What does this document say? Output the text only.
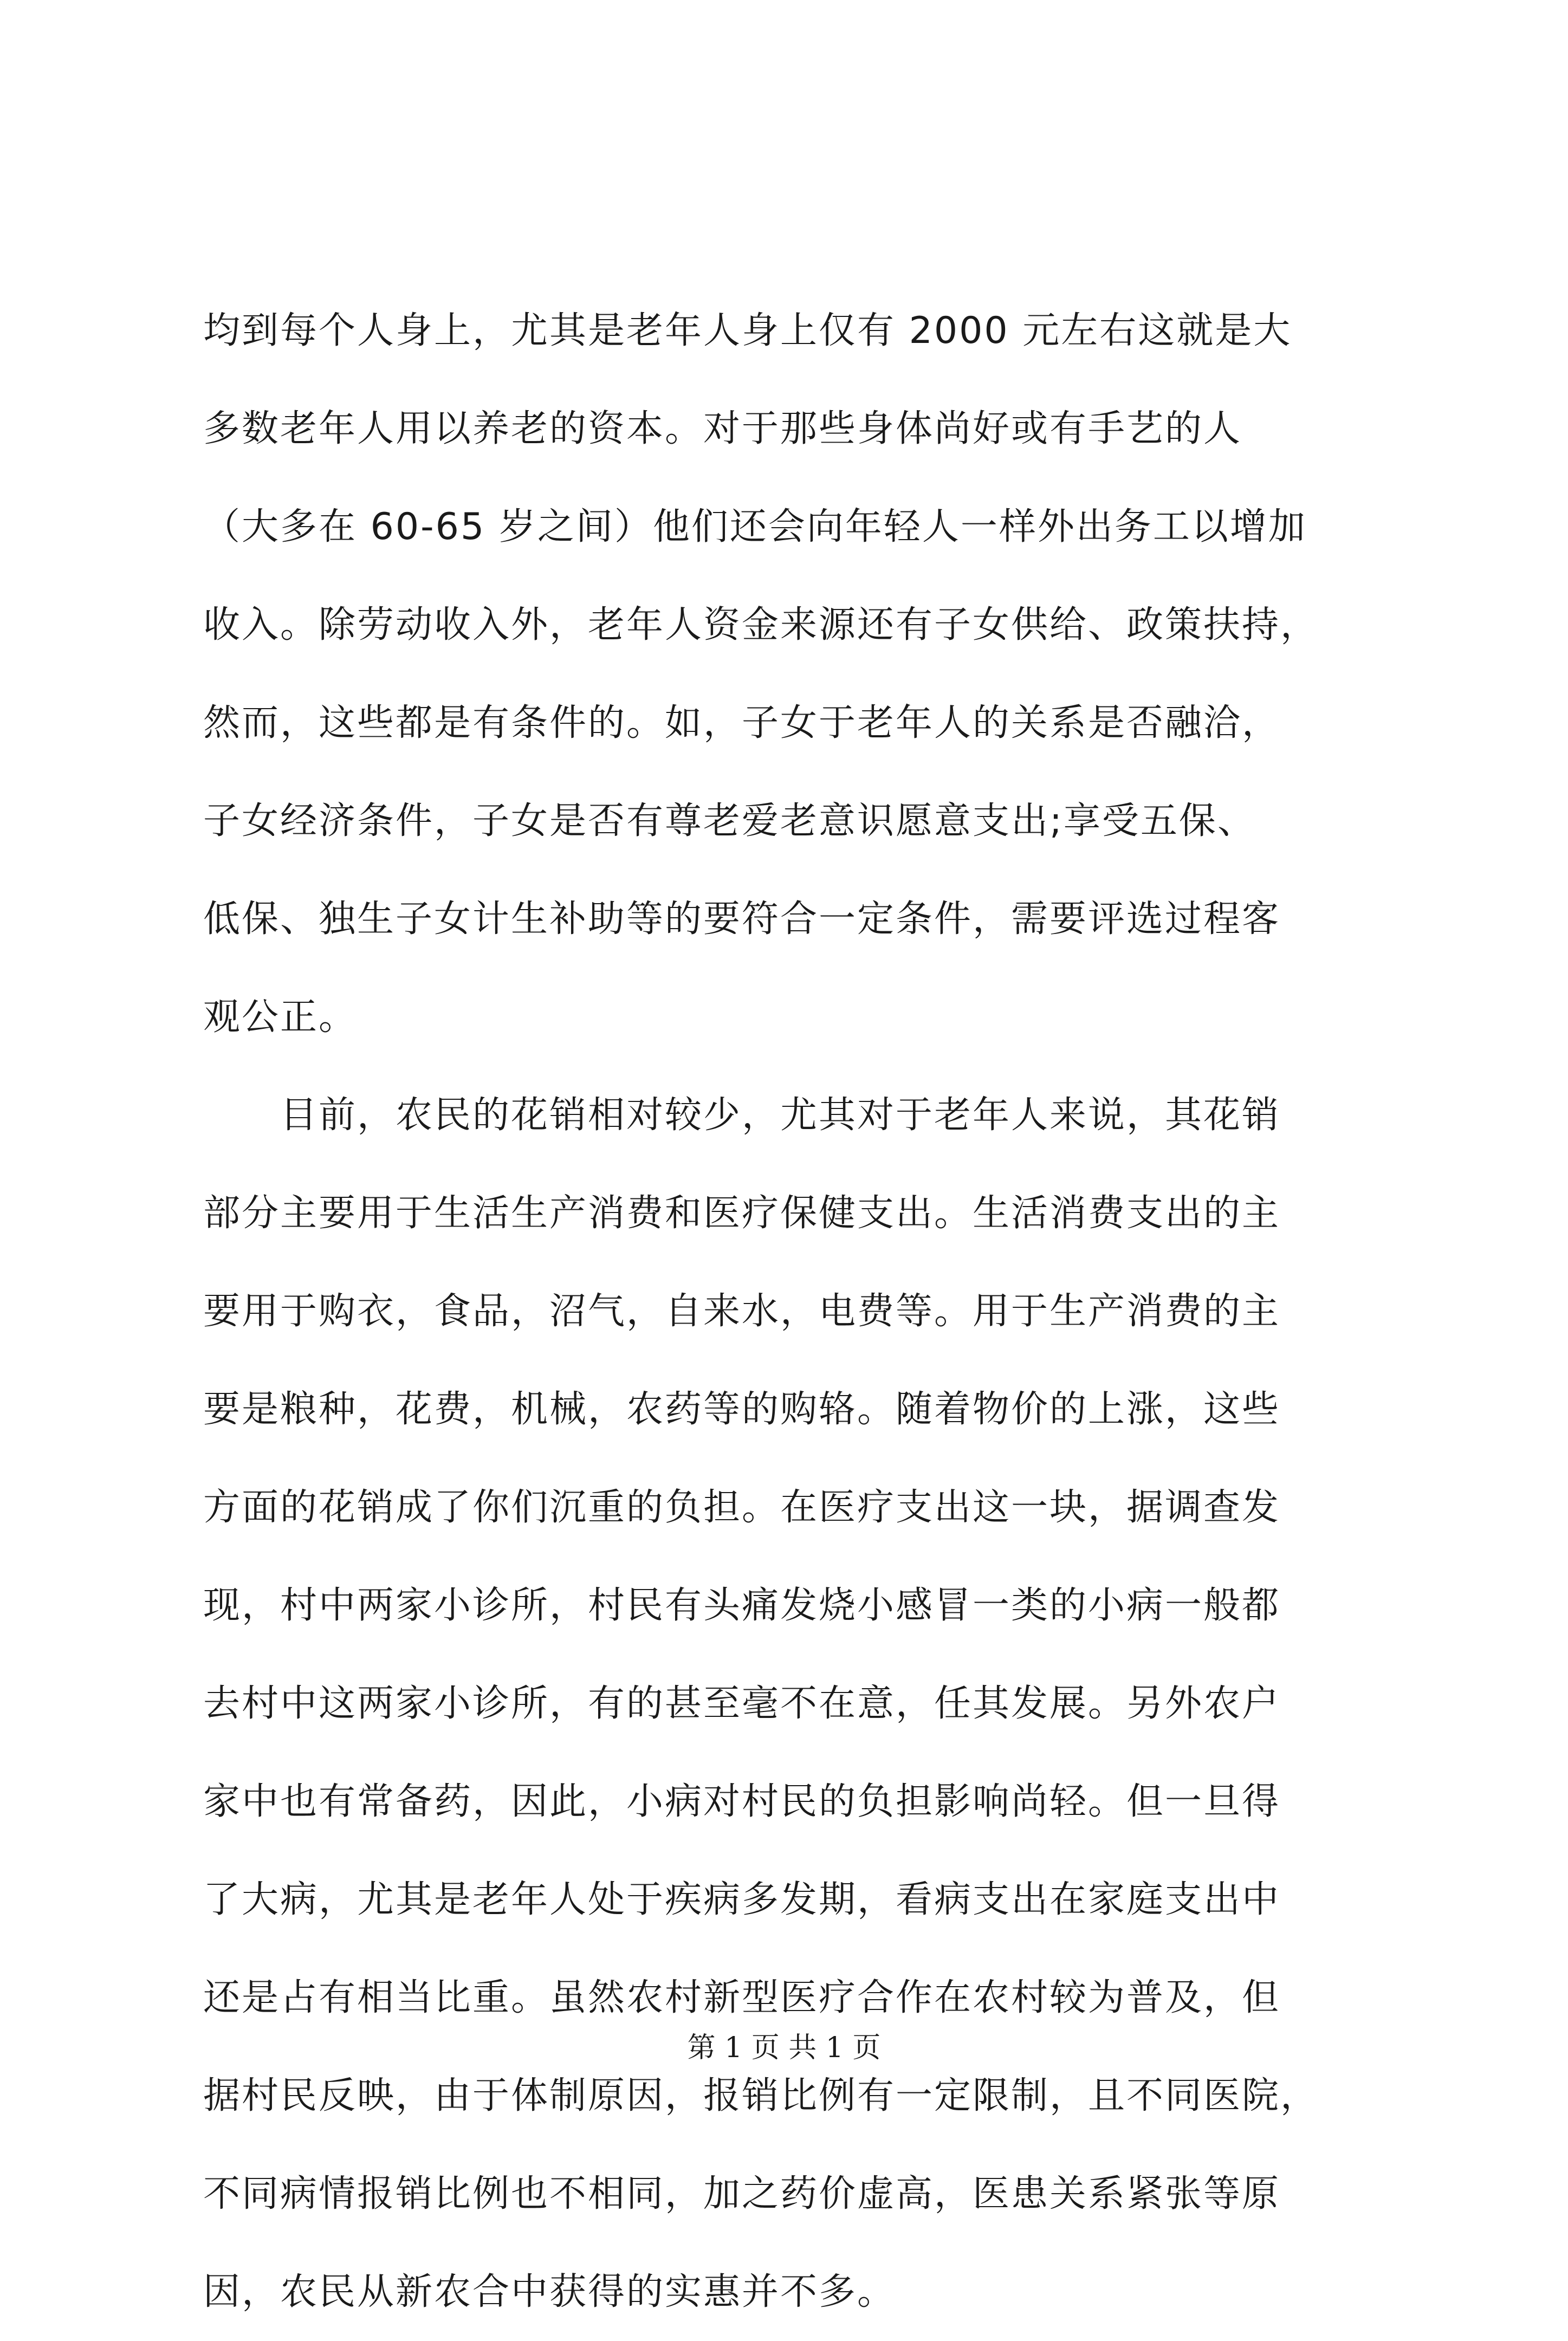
均到每个人身上，尤其是老年人身上仅有 2000 元左右这就是大
多数老年人用以养老的资本。对于那些身体尚好或有手艺的人
（大多在 60-65 岁之间）他们还会向年轻人一样外出务工以增加
收入。除劳动收入外，老年人资金来源还有子女供给、政策扶持，
然而，这些都是有条件的。如，子女于老年人的关系是否融洽，
子女经济条件，子女是否有尊老爱老意识愿意支出;享受五保、
低保、独生子女计生补助等的要符合一定条件，需要评选过程客
观公正。

　　目前，农民的花销相对较少，尤其对于老年人来说，其花销
部分主要用于生活生产消费和医疗保健支出。生活消费支出的主
要用于购衣，食品，沼气，自来水，电费等。用于生产消费的主
要是粮种，花费，机械，农药等的购辂。随着物价的上涨，这些
方面的花销成了你们沉重的负担。在医疗支出这一块，据调查发
现，村中两家小诊所，村民有头痛发烧小感冒一类的小病一般都
去村中这两家小诊所，有的甚至毫不在意，任其发展。另外农户
家中也有常备药，因此，小病对村民的负担影响尚轻。但一旦得
了大病，尤其是老年人处于疾病多发期，看病支出在家庭支出中
还是占有相当比重。虽然农村新型医疗合作在农村较为普及，但
据村民反映，由于体制原因，报销比例有一定限制，且不同医院，
不同病情报销比例也不相同，加之药价虚高，医患关系紧张等原
因，农民从新农合中获得的实惠并不多。

第 1 页 共 1 页
